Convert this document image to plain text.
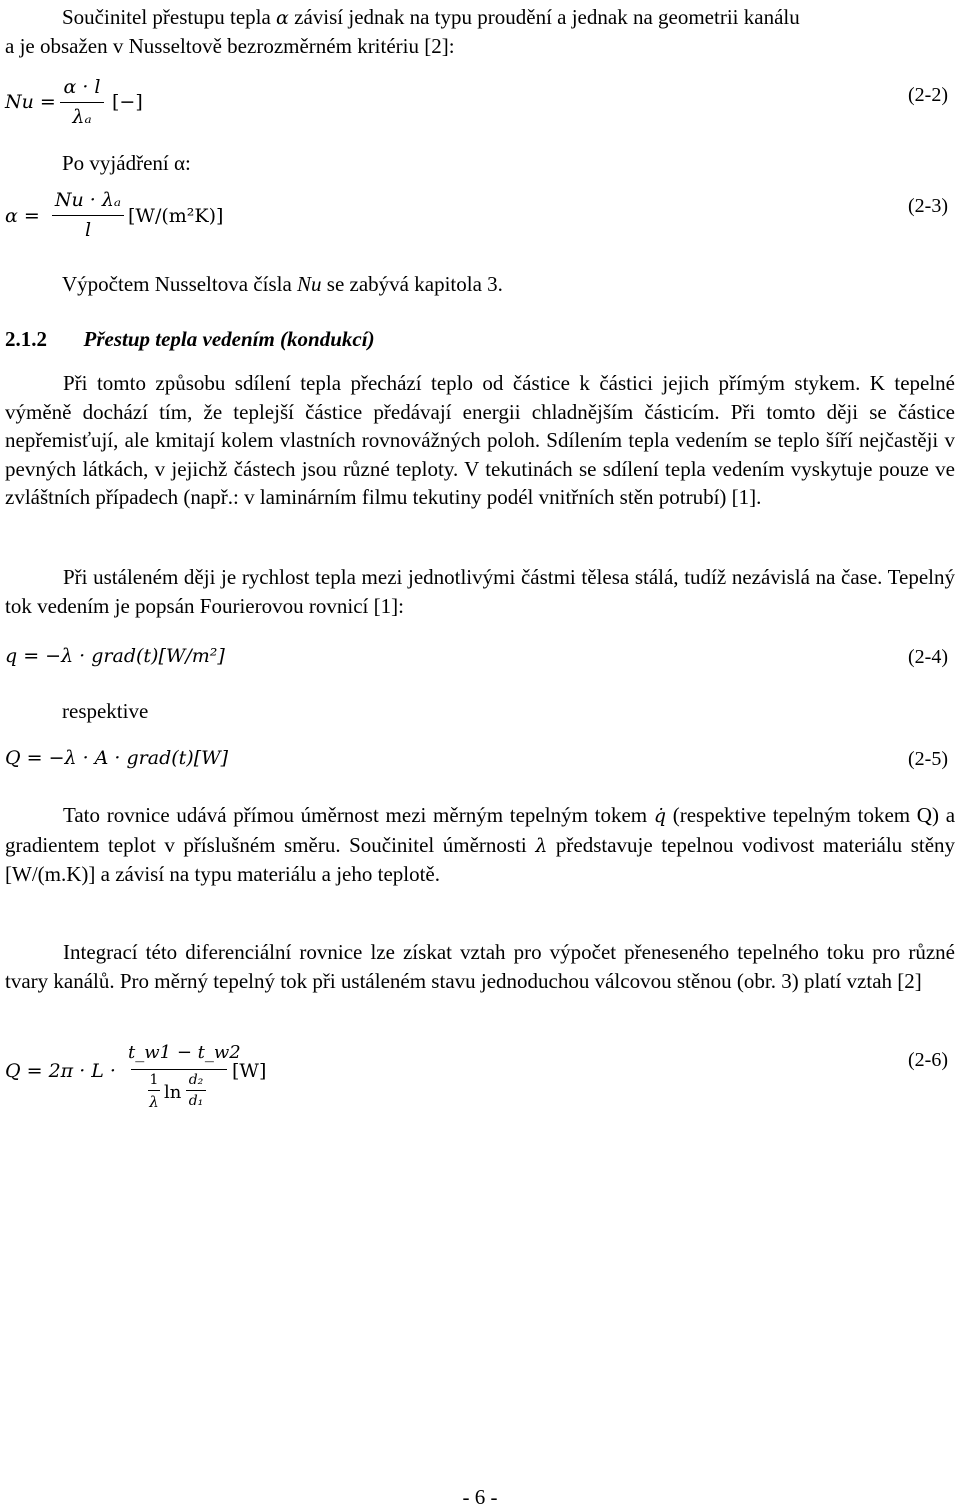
Součinitel přestupu tepla α závisí jednak na typu proudění a jednak na geometrii kanálu
a je obsažen v Nusseltově bezrozměrném kritériu [2]:
Nu =
α · l
λₐ
[−]	(2-2)
Po vyjádření α:
α =
Nu · λₐ
l
[W/(m²K)]	(2-3)
Výpočtem Nusseltova čísla Nu se zabývá kapitola 3.
2.1.2 Přestup tepla vedením (kondukcí)
Při tomto způsobu sdílení tepla přechází teplo od částice k částici jejich přímým stykem. K tepelné výměně dochází tím, že teplejší částice předávají energii chladnějším částicím. Při tomto ději se částice nepřemisťují, ale kmitají kolem vlastních rovnovážných poloh. Sdílením tepla vedením se teplo šíří nejčastěji v pevných látkách, v jejichž částech jsou různé teploty. V tekutinách se sdílení tepla vedením vyskytuje pouze ve zvláštních případech (např.: v laminárním filmu tekutiny podél vnitřních stěn potrubí) [1].
Při ustáleném ději je rychlost tepla mezi jednotlivými částmi tělesa stálá, tudíž nezávislá na čase. Tepelný tok vedením je popsán Fourierovou rovnicí [1]:
q = −λ · grad(t)[W/m²]	(2-4)
respektive
Q = −λ · A · grad(t)[W]	(2-5)
Tato rovnice udává přímou úměrnost mezi měrným tepelným tokem q̇ (respektive tepelným tokem Q) a gradientem teplot v příslušném směru. Součinitel úměrnosti λ představuje tepelnou vodivost materiálu stěny [W/(m.K)] a závisí na typu materiálu a jeho teplotě.
Integrací této diferenciální rovnice lze získat vztah pro výpočet přeneseného tepelného toku pro různé tvary kanálů. Pro měrný tepelný tok při ustáleném stavu jednoduchou válcovou stěnou (obr. 3) platí vztah [2]
Q = 2π · L ·
t_w1 − t_w2
1
λ ln
d₂
d₁
[W]	(2-6)
- 6 -
